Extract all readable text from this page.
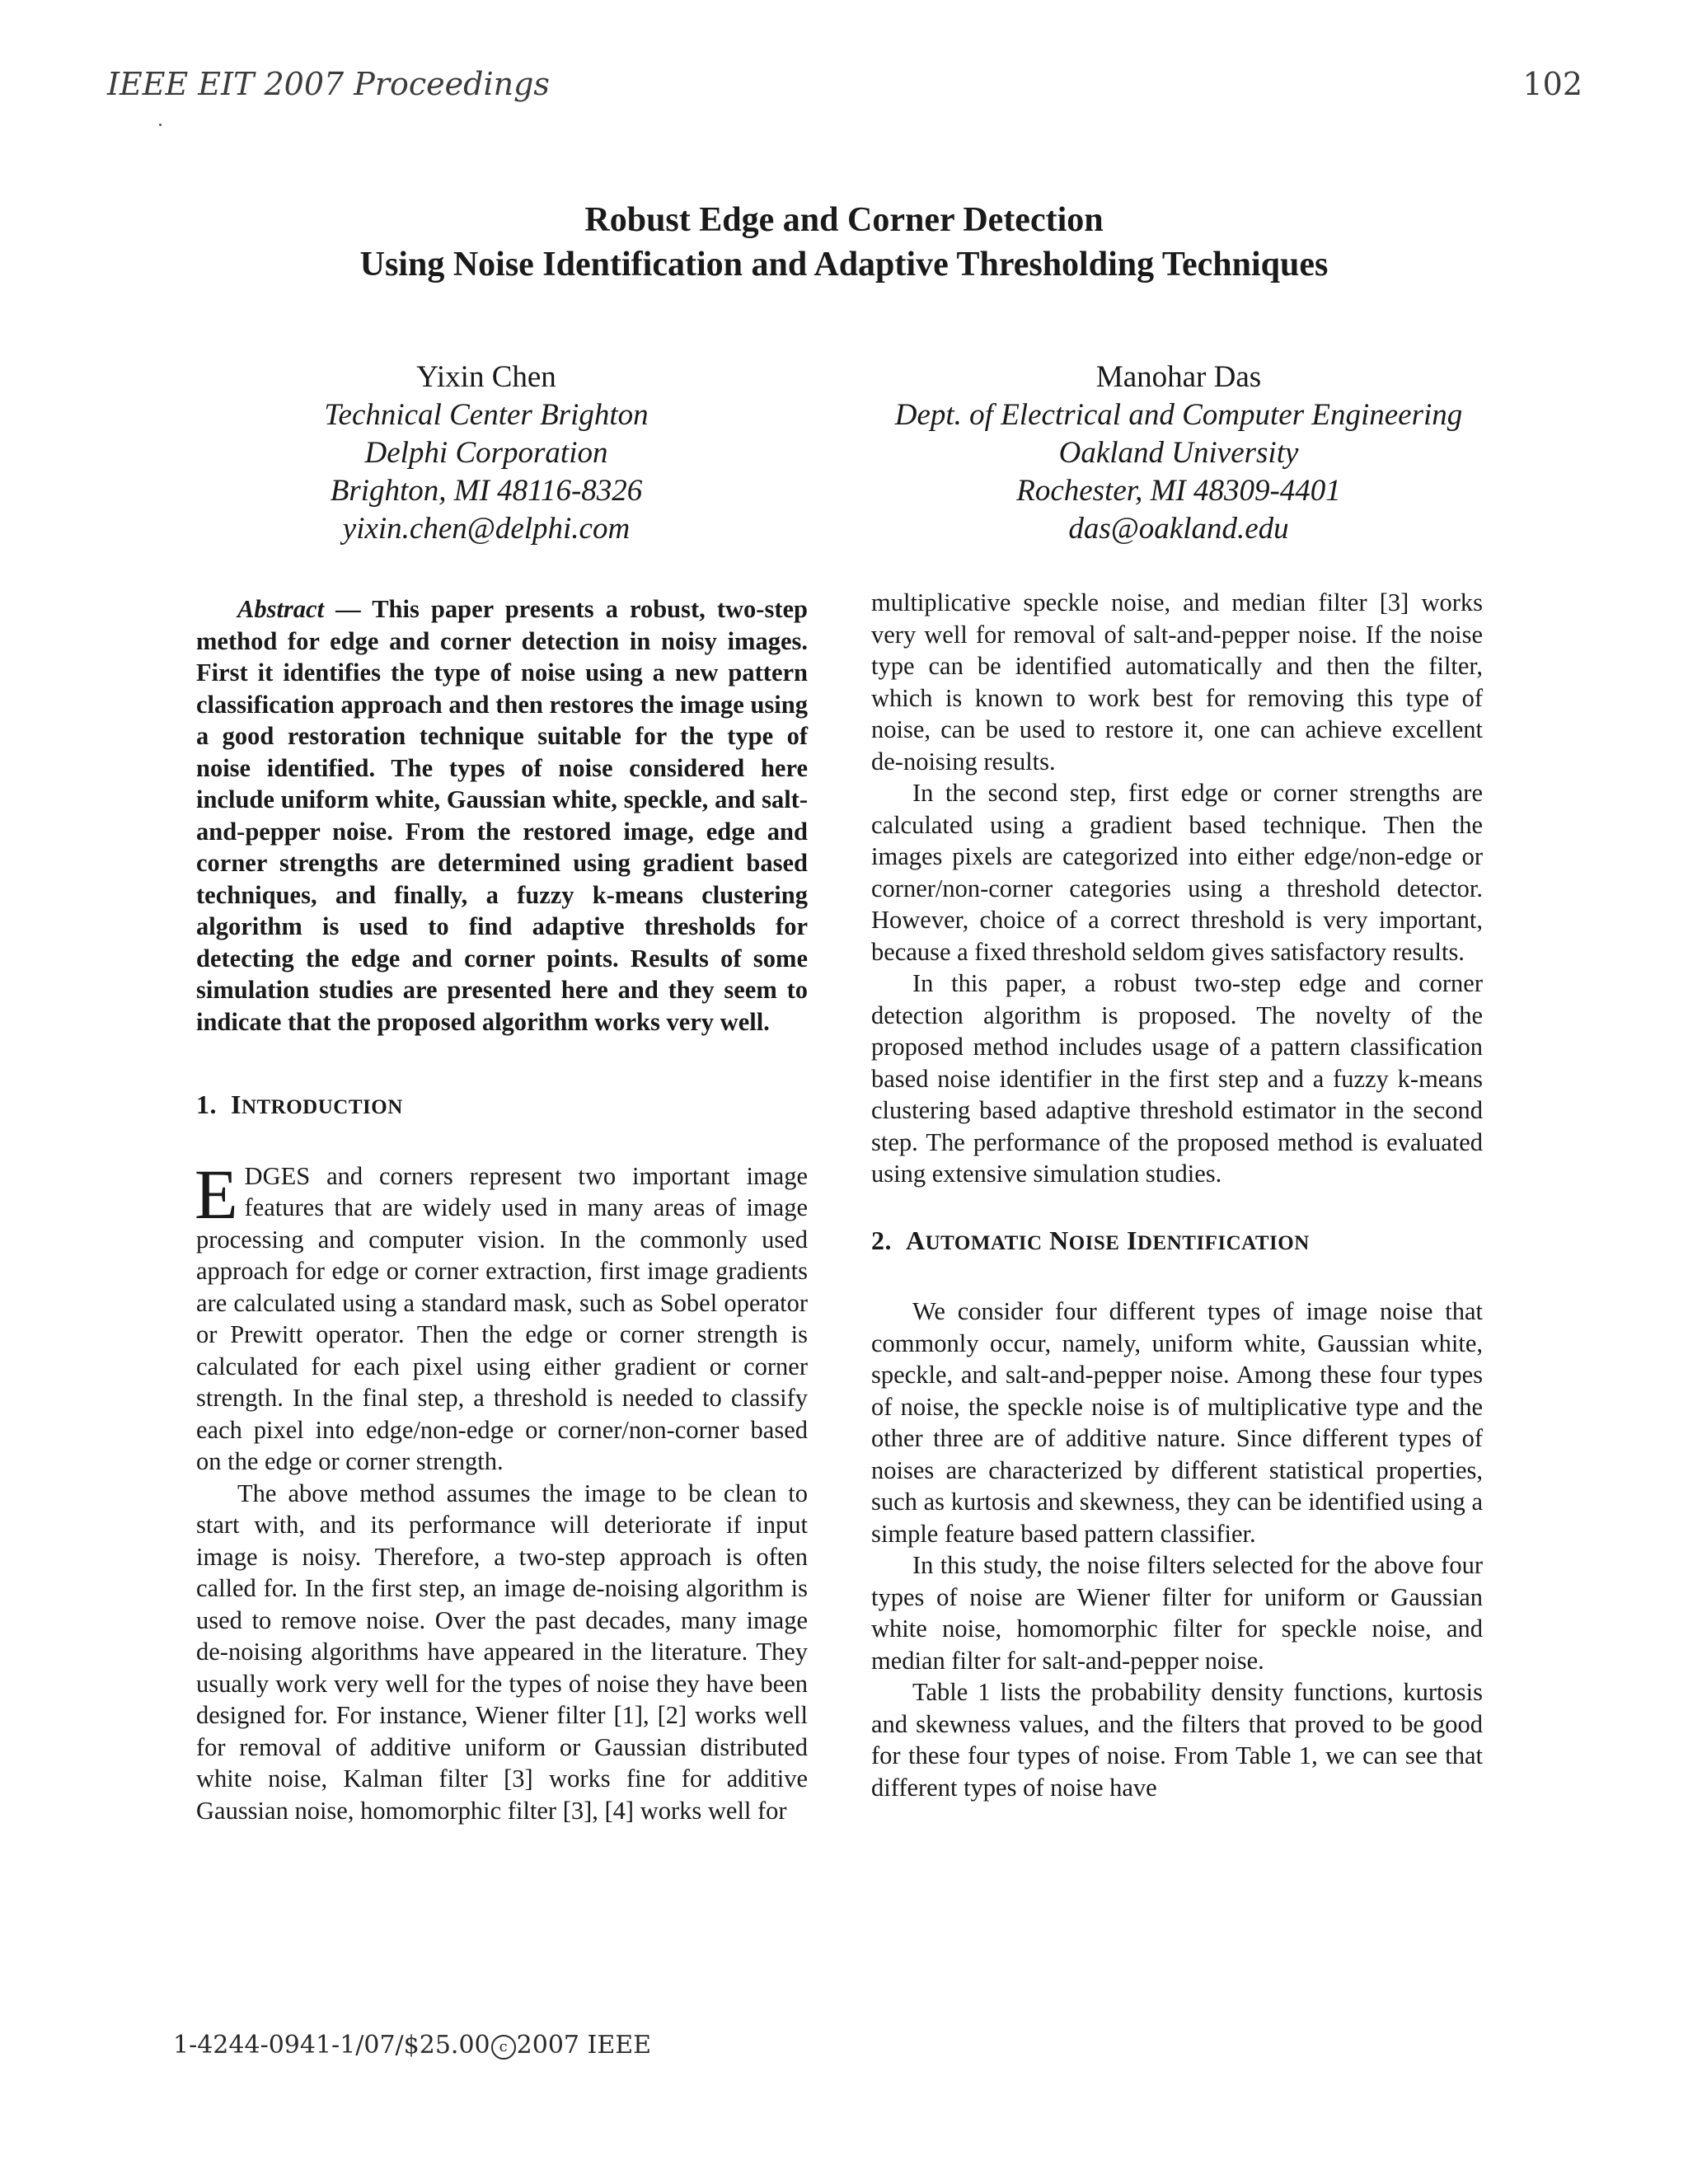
IEEE EIT 2007 Proceedings	102
Robust Edge and Corner Detection
Using Noise Identification and Adaptive Thresholding Techniques
Yixin Chen
Technical Center Brighton
Delphi Corporation
Brighton, MI 48116-8326
yixin.chen@delphi.com
Manohar Das
Dept. of Electrical and Computer Engineering
Oakland University
Rochester, MI 48309-4401
das@oakland.edu

Abstract — This paper presents a robust, two-step method for edge and corner detection in noisy images. First it identifies the type of noise using a new pattern classification approach and then restores the image using a good restoration technique suitable for the type of noise identified. The types of noise considered here include uniform white, Gaussian white, speckle, and salt-and-pepper noise. From the restored image, edge and corner strengths are determined using gradient based techniques, and finally, a fuzzy k-means clustering algorithm is used to find adaptive thresholds for detecting the edge and corner points. Results of some simulation studies are presented here and they seem to indicate that the proposed algorithm works very well.

1. INTRODUCTION

EDGES and corners represent two important image features that are widely used in many areas of image processing and computer vision. In the commonly used approach for edge or corner extraction, first image gradients are calculated using a standard mask, such as Sobel operator or Prewitt operator. Then the edge or corner strength is calculated for each pixel using either gradient or corner strength. In the final step, a threshold is needed to classify each pixel into edge/non-edge or corner/non-corner based on the edge or corner strength.

The above method assumes the image to be clean to start with, and its performance will deteriorate if input image is noisy. Therefore, a two-step approach is often called for. In the first step, an image de-noising algorithm is used to remove noise. Over the past decades, many image de-noising algorithms have appeared in the literature. They usually work very well for the types of noise they have been designed for. For instance, Wiener filter [1], [2] works well for removal of additive uniform or Gaussian distributed white noise, Kalman filter [3] works fine for additive Gaussian noise, homomorphic filter [3], [4] works well for

multiplicative speckle noise, and median filter [3] works very well for removal of salt-and-pepper noise. If the noise type can be identified automatically and then the filter, which is known to work best for removing this type of noise, can be used to restore it, one can achieve excellent de-noising results.

In the second step, first edge or corner strengths are calculated using a gradient based technique. Then the images pixels are categorized into either edge/non-edge or corner/non-corner categories using a threshold detector. However, choice of a correct threshold is very important, because a fixed threshold seldom gives satisfactory results.

In this paper, a robust two-step edge and corner detection algorithm is proposed. The novelty of the proposed method includes usage of a pattern classification based noise identifier in the first step and a fuzzy k-means clustering based adaptive threshold estimator in the second step. The performance of the proposed method is evaluated using extensive simulation studies.

2. AUTOMATIC NOISE IDENTIFICATION

We consider four different types of image noise that commonly occur, namely, uniform white, Gaussian white, speckle, and salt-and-pepper noise. Among these four types of noise, the speckle noise is of multiplicative type and the other three are of additive nature. Since different types of noises are characterized by different statistical properties, such as kurtosis and skewness, they can be identified using a simple feature based pattern classifier.

In this study, the noise filters selected for the above four types of noise are Wiener filter for uniform or Gaussian white noise, homomorphic filter for speckle noise, and median filter for salt-and-pepper noise.

Table 1 lists the probability density functions, kurtosis and skewness values, and the filters that proved to be good for these four types of noise. From Table 1, we can see that different types of noise have

1-4244-0941-1/07/$25.00 c 2007 IEEE
